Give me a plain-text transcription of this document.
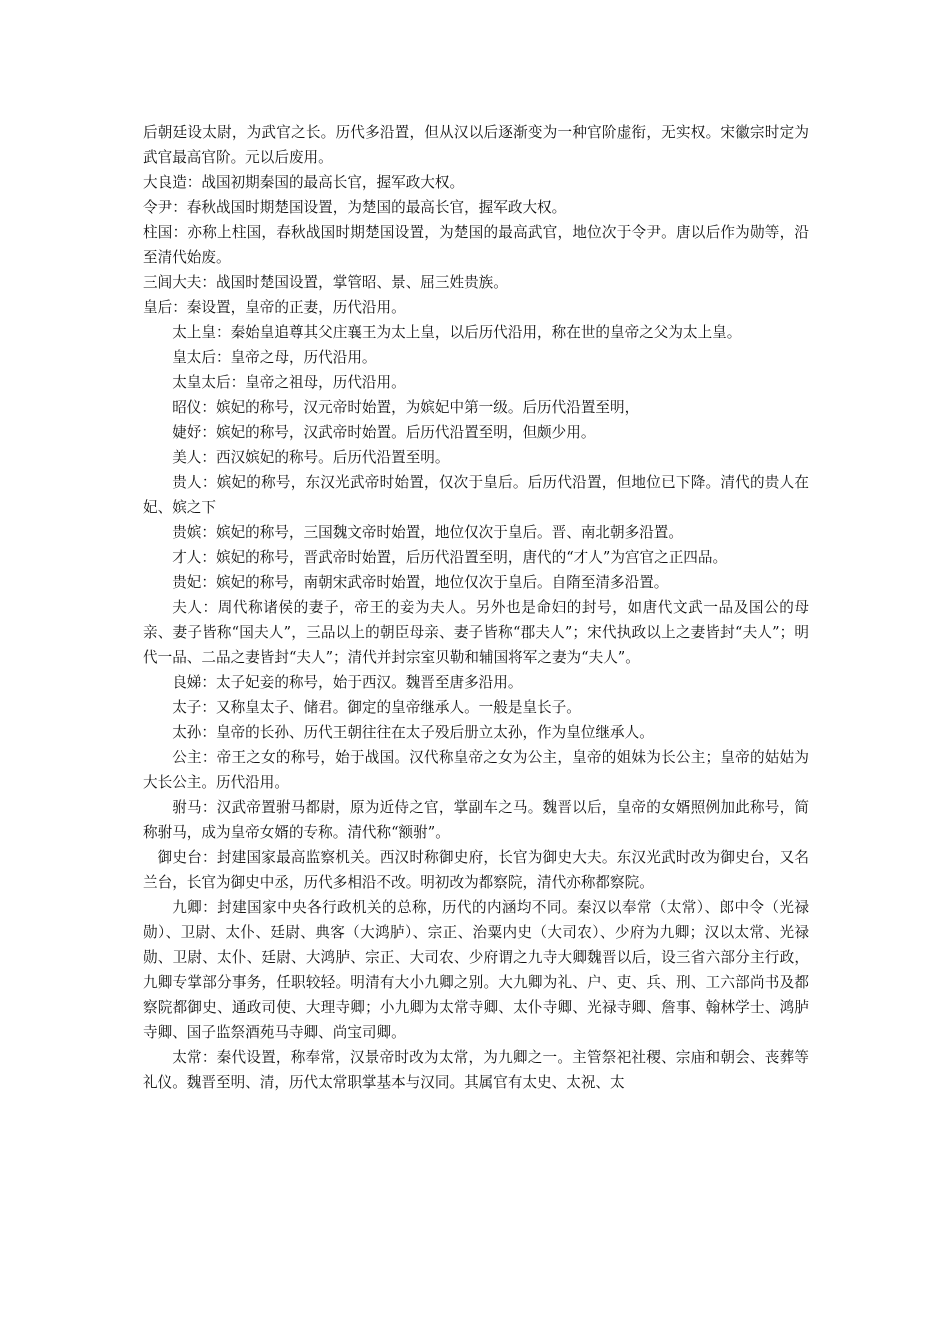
后朝廷设太尉，为武官之长。历代多沿置，但从汉以后逐渐变为一种官阶虚衔，无实权。宋徽宗时定为武官最高官阶。元以后废用。

大良造：战国初期秦国的最高长官，握军政大权。

令尹：春秋战国时期楚国设置，为楚国的最高长官，握军政大权。

柱国：亦称上柱国，春秋战国时期楚国设置，为楚国的最高武官，地位次于令尹。唐以后作为勋等，沿至清代始废。

三闾大夫：战国时楚国设置，掌管昭、景、屈三姓贵族。

皇后：秦设置，皇帝的正妻，历代沿用。

太上皇：秦始皇追尊其父庄襄王为太上皇，以后历代沿用，称在世的皇帝之父为太上皇。

皇太后：皇帝之母，历代沿用。

太皇太后：皇帝之祖母，历代沿用。

昭仪：嫔妃的称号，汉元帝时始置，为嫔妃中第一级。后历代沿置至明，

婕妤：嫔妃的称号，汉武帝时始置。后历代沿置至明，但颇少用。

美人：西汉嫔妃的称号。后历代沿置至明。

贵人：嫔妃的称号，东汉光武帝时始置，仅次于皇后。后历代沿置，但地位已下降。清代的贵人在妃、嫔之下

贵嫔：嫔妃的称号，三国魏文帝时始置，地位仅次于皇后。晋、南北朝多沿置。

才人：嫔妃的称号，晋武帝时始置，后历代沿置至明，唐代的“才人”为宫官之正四品。

贵妃：嫔妃的称号，南朝宋武帝时始置，地位仅次于皇后。自隋至清多沿置。

夫人：周代称诸侯的妻子，帝王的妾为夫人。另外也是命妇的封号，如唐代文武一品及国公的母亲、妻子皆称“国夫人”，三品以上的朝臣母亲、妻子皆称“郡夫人”；宋代执政以上之妻皆封“夫人”；明代一品、二品之妻皆封“夫人”；清代并封宗室贝勒和辅国将军之妻为“夫人”。

良娣：太子妃妾的称号，始于西汉。魏晋至唐多沿用。

太子：又称皇太子、储君。御定的皇帝继承人。一般是皇长子。

太孙：皇帝的长孙、历代王朝往往在太子殁后册立太孙，作为皇位继承人。

公主：帝王之女的称号，始于战国。汉代称皇帝之女为公主，皇帝的姐妹为长公主；皇帝的姑姑为大长公主。历代沿用。

驸马：汉武帝置驸马都尉，原为近侍之官，掌副车之马。魏晋以后，皇帝的女婿照例加此称号，简称驸马，成为皇帝女婿的专称。清代称“额驸”。

御史台：封建国家最高监察机关。西汉时称御史府，长官为御史大夫。东汉光武时改为御史台，又名兰台，长官为御史中丞，历代多相沿不改。明初改为都察院，清代亦称都察院。

九卿：封建国家中央各行政机关的总称，历代的内涵均不同。秦汉以奉常（太常）、郎中令（光禄勋）、卫尉、太仆、廷尉、典客（大鸿胪）、宗正、治粟内史（大司农）、少府为九卿；汉以太常、光禄勋、卫尉、太仆、廷尉、大鸿胪、宗正、大司农、少府谓之九寺大卿魏晋以后，设三省六部分主行政，九卿专掌部分事务，任职较轻。明清有大小九卿之别。大九卿为礼、户、吏、兵、刑、工六部尚书及都察院都御史、通政司使、大理寺卿；小九卿为太常寺卿、太仆寺卿、光禄寺卿、詹事、翰林学士、鸿胪寺卿、国子监祭酒苑马寺卿、尚宝司卿。

太常：秦代设置，称奉常，汉景帝时改为太常，为九卿之一。主管祭祀社稷、宗庙和朝会、丧葬等礼仪。魏晋至明、清，历代太常职掌基本与汉同。其属官有太史、太祝、太
